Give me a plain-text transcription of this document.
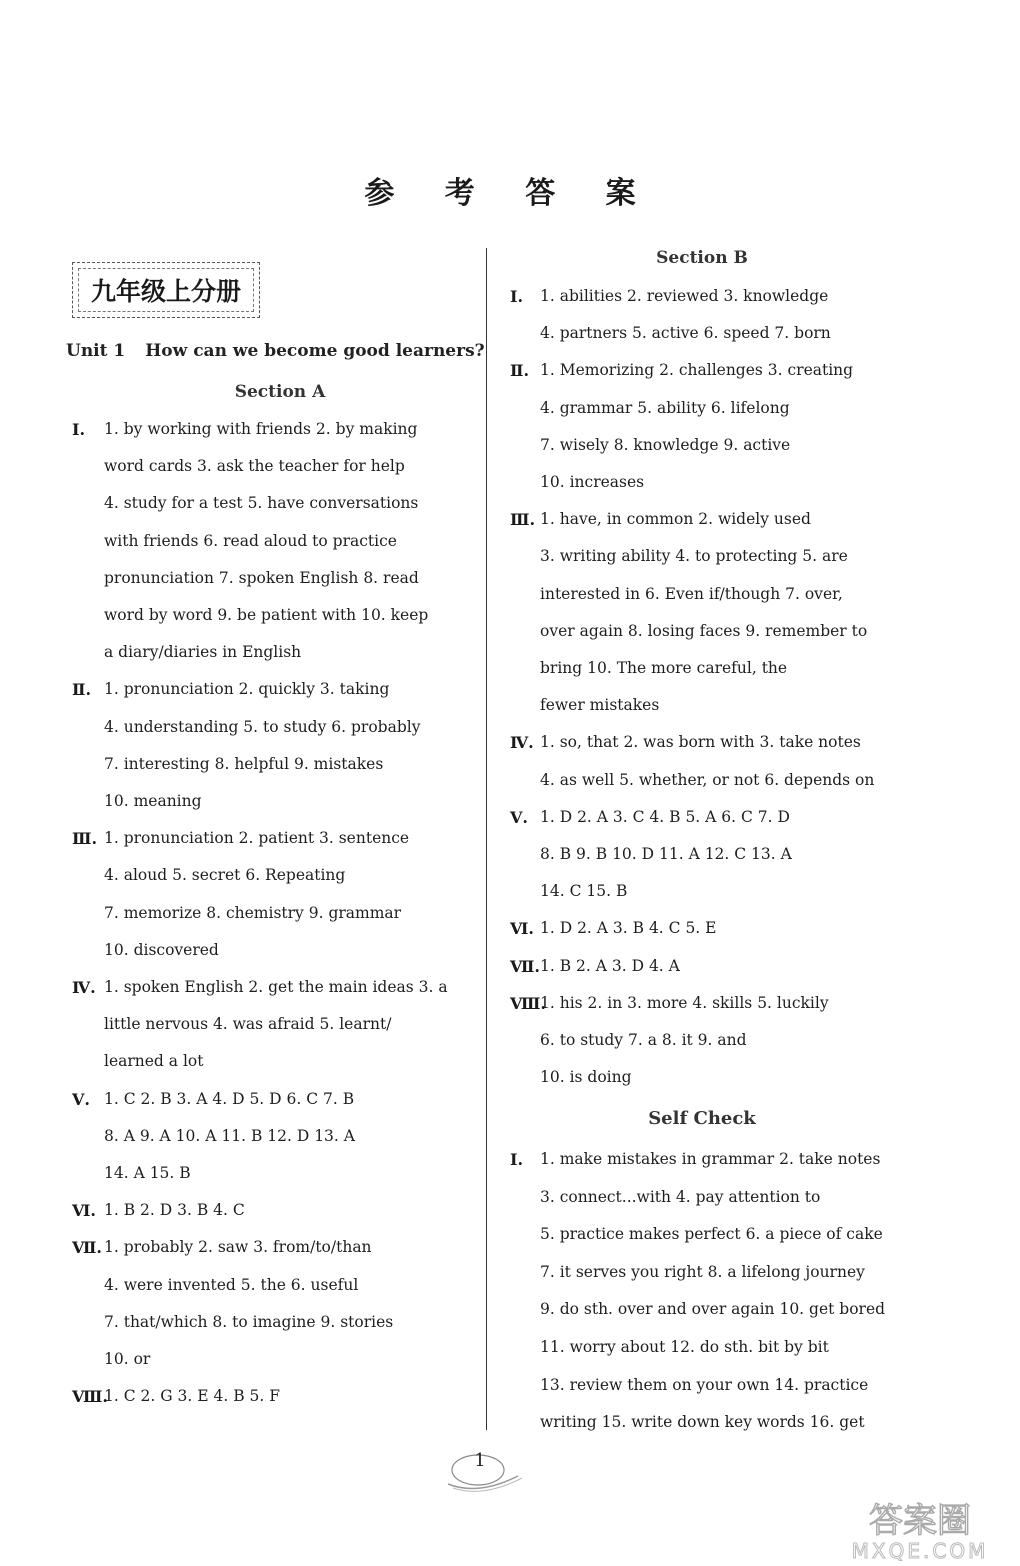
参 考 答 案
九年级上分册
Unit 1 How can we become good learners?
Section A
Section B
Ⅰ. 1. by working with friends 2. by making
word cards 3. ask the teacher for help
4. study for a test 5. have conversations
with friends 6. read aloud to practice
pronunciation 7. spoken English 8. read
word by word 9. be patient with 10. keep
a diary/diaries in English
Ⅱ. 1. pronunciation 2. quickly 3. taking
4. understanding 5. to study 6. probably
7. interesting 8. helpful 9. mistakes
10. meaning
Ⅲ. 1. pronunciation 2. patient 3. sentence
4. aloud 5. secret 6. Repeating
7. memorize 8. chemistry 9. grammar
10. discovered
Ⅳ. 1. spoken English 2. get the main ideas 3. a
little nervous 4. was afraid 5. learnt/
learned a lot
Ⅴ. 1. C 2. B 3. A 4. D 5. D 6. C 7. B
8. A 9. A 10. A 11. B 12. D 13. A
14. A 15. B
Ⅵ. 1. B 2. D 3. B 4. C
Ⅶ. 1. probably 2. saw 3. from/to/than
4. were invented 5. the 6. useful
7. that/which 8. to imagine 9. stories
10. or
Ⅷ.
1. C 2. G 3. E 4. B 5. F
Ⅰ. 1. abilities 2. reviewed 3. knowledge
4. partners 5. active 6. speed 7. born
Ⅱ. 1. Memorizing 2. challenges 3. creating
4. grammar 5. ability 6. lifelong
7. wisely 8. knowledge 9. active
10. increases
Ⅲ. 1. have, in common 2. widely used
3. writing ability 4. to protecting 5. are
interested in 6. Even if/though 7. over,
over again 8. losing faces 9. remember to
bring 10. The more careful, the
fewer mistakes
Ⅳ. 1. so, that 2. was born with 3. take notes
4. as well 5. whether, or not 6. depends on
Ⅴ. 1. D 2. A 3. C 4. B 5. A 6. C 7. D
8. B 9. B 10. D 11. A 12. C 13. A
14. C 15. B
Ⅵ. 1. D 2. A 3. B 4. C 5. E
Ⅶ. 1. B 2. A 3. D 4. A
Ⅷ.
1. his 2. in 3. more 4. skills 5. luckily
6. to study 7. a 8. it 9. and
10. is doing
Ⅰ. 1. make mistakes in grammar 2. take notes
3. connect...with 4. pay attention to
5. practice makes perfect 6. a piece of cake
7. it serves you right 8. a lifelong journey
9. do sth. over and over again 10. get bored
11. worry about 12. do sth. bit by bit
13. review them on your own 14. practice
writing 15. write down key words 16. get
Self Check
1
答案圈
MXQE.COM
